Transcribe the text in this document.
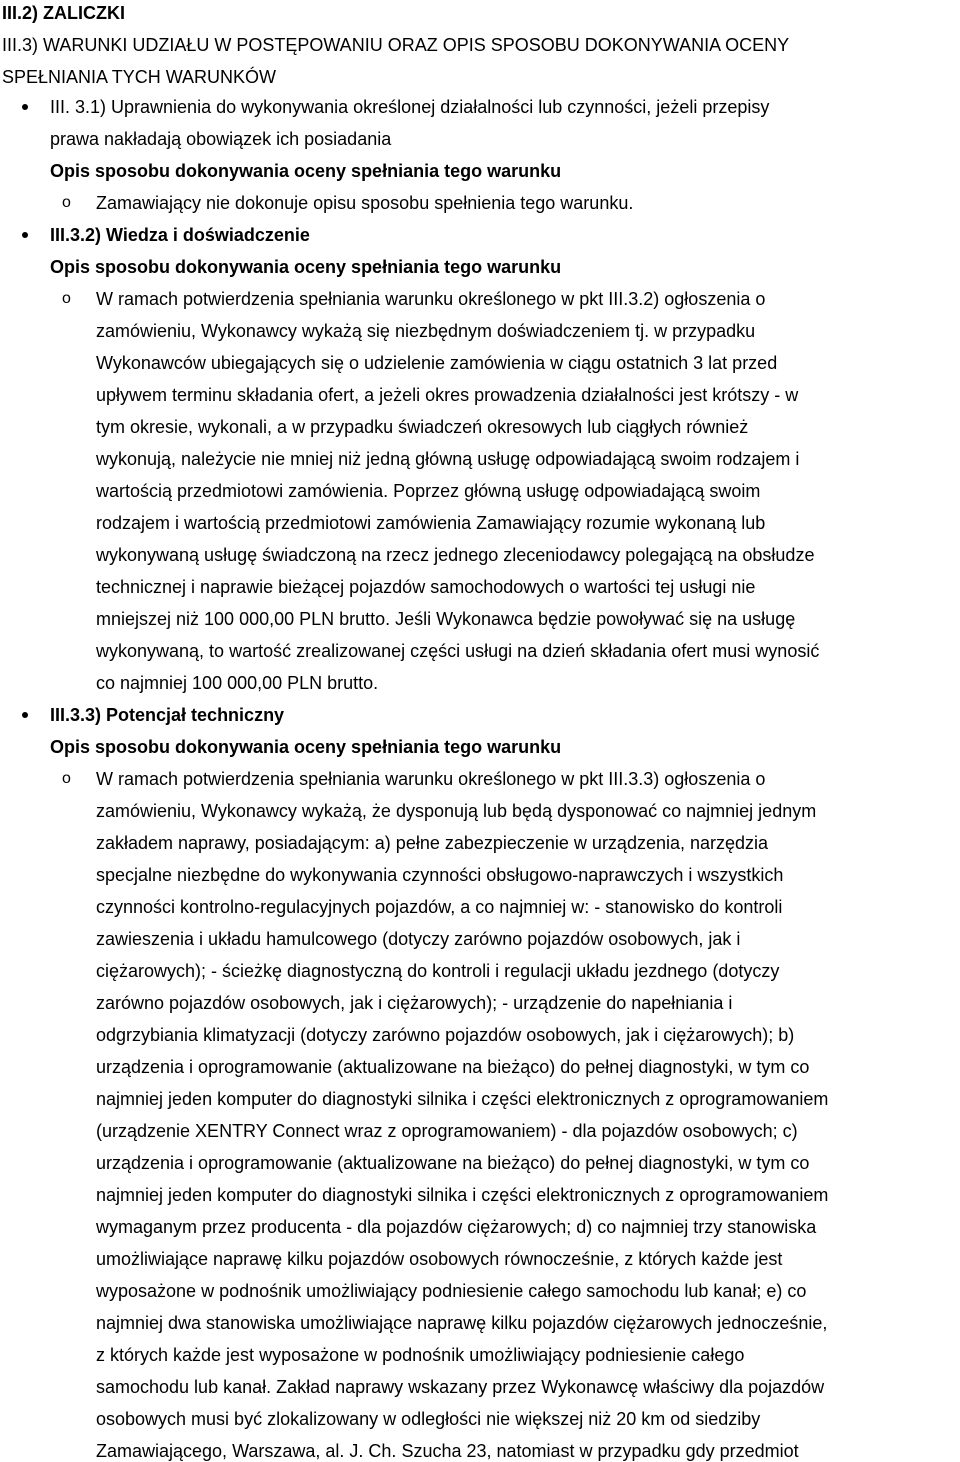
III.2) ZALICZKI
III.3) WARUNKI UDZIAŁU W POSTĘPOWANIU ORAZ OPIS SPOSOBU DOKONYWANIA OCENY
SPEŁNIANIA TYCH WARUNKÓW
III. 3.1) Uprawnienia do wykonywania określonej działalności lub czynności, jeżeli przepisy
prawa nakładają obowiązek ich posiadania
Opis sposobu dokonywania oceny spełniania tego warunku
o Zamawiający nie dokonuje opisu sposobu spełnienia tego warunku.
III.3.2) Wiedza i doświadczenie
Opis sposobu dokonywania oceny spełniania tego warunku
o W ramach potwierdzenia spełniania warunku określonego w pkt III.3.2) ogłoszenia o
zamówieniu, Wykonawcy wykażą się niezbędnym doświadczeniem tj. w przypadku
Wykonawców ubiegających się o udzielenie zamówienia w ciągu ostatnich 3 lat przed
upływem terminu składania ofert, a jeżeli okres prowadzenia działalności jest krótszy - w
tym okresie, wykonali, a w przypadku świadczeń okresowych lub ciągłych również
wykonują, należycie nie mniej niż jedną główną usługę odpowiadającą swoim rodzajem i
wartością przedmiotowi zamówienia. Poprzez główną usługę odpowiadającą swoim
rodzajem i wartością przedmiotowi zamówienia Zamawiający rozumie wykonaną lub
wykonywaną usługę świadczoną na rzecz jednego zleceniodawcy polegającą na obsłudze
technicznej i naprawie bieżącej pojazdów samochodowych o wartości tej usługi nie
mniejszej niż 100 000,00 PLN brutto. Jeśli Wykonawca będzie powoływać się na usługę
wykonywaną, to wartość zrealizowanej części usługi na dzień składania ofert musi wynosić
co najmniej 100 000,00 PLN brutto.
III.3.3) Potencjał techniczny
Opis sposobu dokonywania oceny spełniania tego warunku
o W ramach potwierdzenia spełniania warunku określonego w pkt III.3.3) ogłoszenia o
zamówieniu, Wykonawcy wykażą, że dysponują lub będą dysponować co najmniej jednym
zakładem naprawy, posiadającym: a) pełne zabezpieczenie w urządzenia, narzędzia
specjalne niezbędne do wykonywania czynności obsługowo-naprawczych i wszystkich
czynności kontrolno-regulacyjnych pojazdów, a co najmniej w: - stanowisko do kontroli
zawieszenia i układu hamulcowego (dotyczy zarówno pojazdów osobowych, jak i
ciężarowych); - ścieżkę diagnostyczną do kontroli i regulacji układu jezdnego (dotyczy
zarówno pojazdów osobowych, jak i ciężarowych); - urządzenie do napełniania i
odgrzybiania klimatyzacji (dotyczy zarówno pojazdów osobowych, jak i ciężarowych); b)
urządzenia i oprogramowanie (aktualizowane na bieżąco) do pełnej diagnostyki, w tym co
najmniej jeden komputer do diagnostyki silnika i części elektronicznych z oprogramowaniem
(urządzenie XENTRY Connect wraz z oprogramowaniem) - dla pojazdów osobowych; c)
urządzenia i oprogramowanie (aktualizowane na bieżąco) do pełnej diagnostyki, w tym co
najmniej jeden komputer do diagnostyki silnika i części elektronicznych z oprogramowaniem
wymaganym przez producenta - dla pojazdów ciężarowych; d) co najmniej trzy stanowiska
umożliwiające naprawę kilku pojazdów osobowych równocześnie, z których każde jest
wyposażone w podnośnik umożliwiający podniesienie całego samochodu lub kanał; e) co
najmniej dwa stanowiska umożliwiające naprawę kilku pojazdów ciężarowych jednocześnie,
z których każde jest wyposażone w podnośnik umożliwiający podniesienie całego
samochodu lub kanał. Zakład naprawy wskazany przez Wykonawcę właściwy dla pojazdów
osobowych musi być zlokalizowany w odległości nie większej niż 20 km od siedziby
Zamawiającego, Warszawa, al. J. Ch. Szucha 23, natomiast w przypadku gdy przedmiot
